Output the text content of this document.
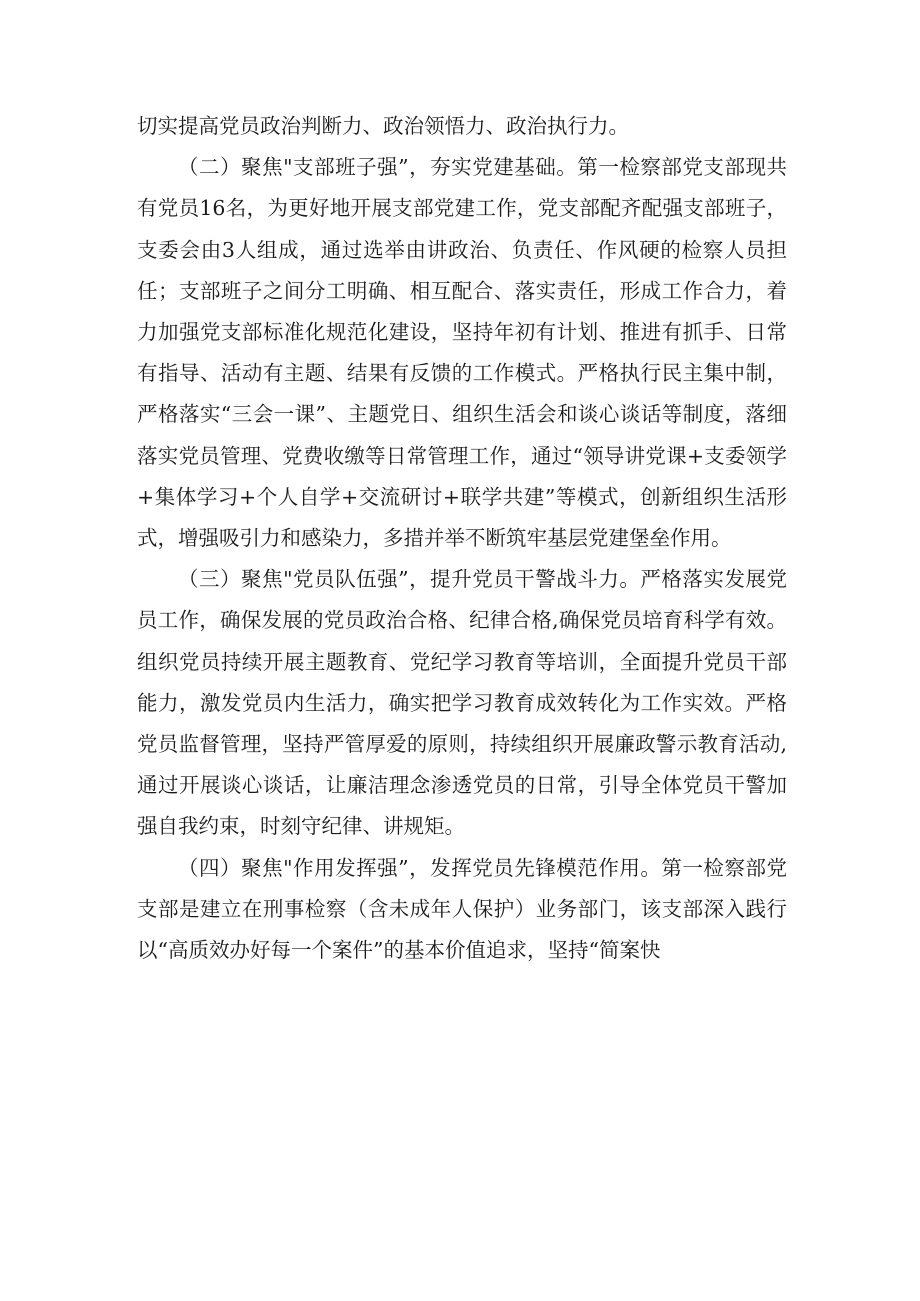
切实提高党员政治判断力、政治领悟力、政治执行力。

（二）聚焦"支部班子强”，夯实党建基础。第一检察部党支部现共有党员16名，为更好地开展支部党建工作，党支部配齐配强支部班子，支委会由3人组成，通过选举由讲政治、负责任、作风硬的检察人员担任；支部班子之间分工明确、相互配合、落实责任，形成工作合力，着力加强党支部标准化规范化建设，坚持年初有计划、推进有抓手、日常有指导、活动有主题、结果有反馈的工作模式。严格执行民主集中制，严格落实“三会一课”、主题党日、组织生活会和谈心谈话等制度，落细落实党员管理、党费收缴等日常管理工作，通过“领导讲党课+支委领学+集体学习+个人自学+交流研讨+联学共建”等模式，创新组织生活形式，增强吸引力和感染力，多措并举不断筑牢基层党建堡垒作用。

（三）聚焦"党员队伍强”，提升党员干警战斗力。严格落实发展党员工作，确保发展的党员政治合格、纪律合格,确保党员培育科学有效。组织党员持续开展主题教育、党纪学习教育等培训，全面提升党员干部能力，激发党员内生活力，确实把学习教育成效转化为工作实效。严格党员监督管理，坚持严管厚爱的原则，持续组织开展廉政警示教育活动,通过开展谈心谈话，让廉洁理念渗透党员的日常，引导全体党员干警加强自我约束，时刻守纪律、讲规矩。

（四）聚焦"作用发挥强”，发挥党员先锋模范作用。第一检察部党支部是建立在刑事检察（含未成年人保护）业务部门，该支部深入践行以“高质效办好每一个案件”的基本价值追求，坚持“简案快
